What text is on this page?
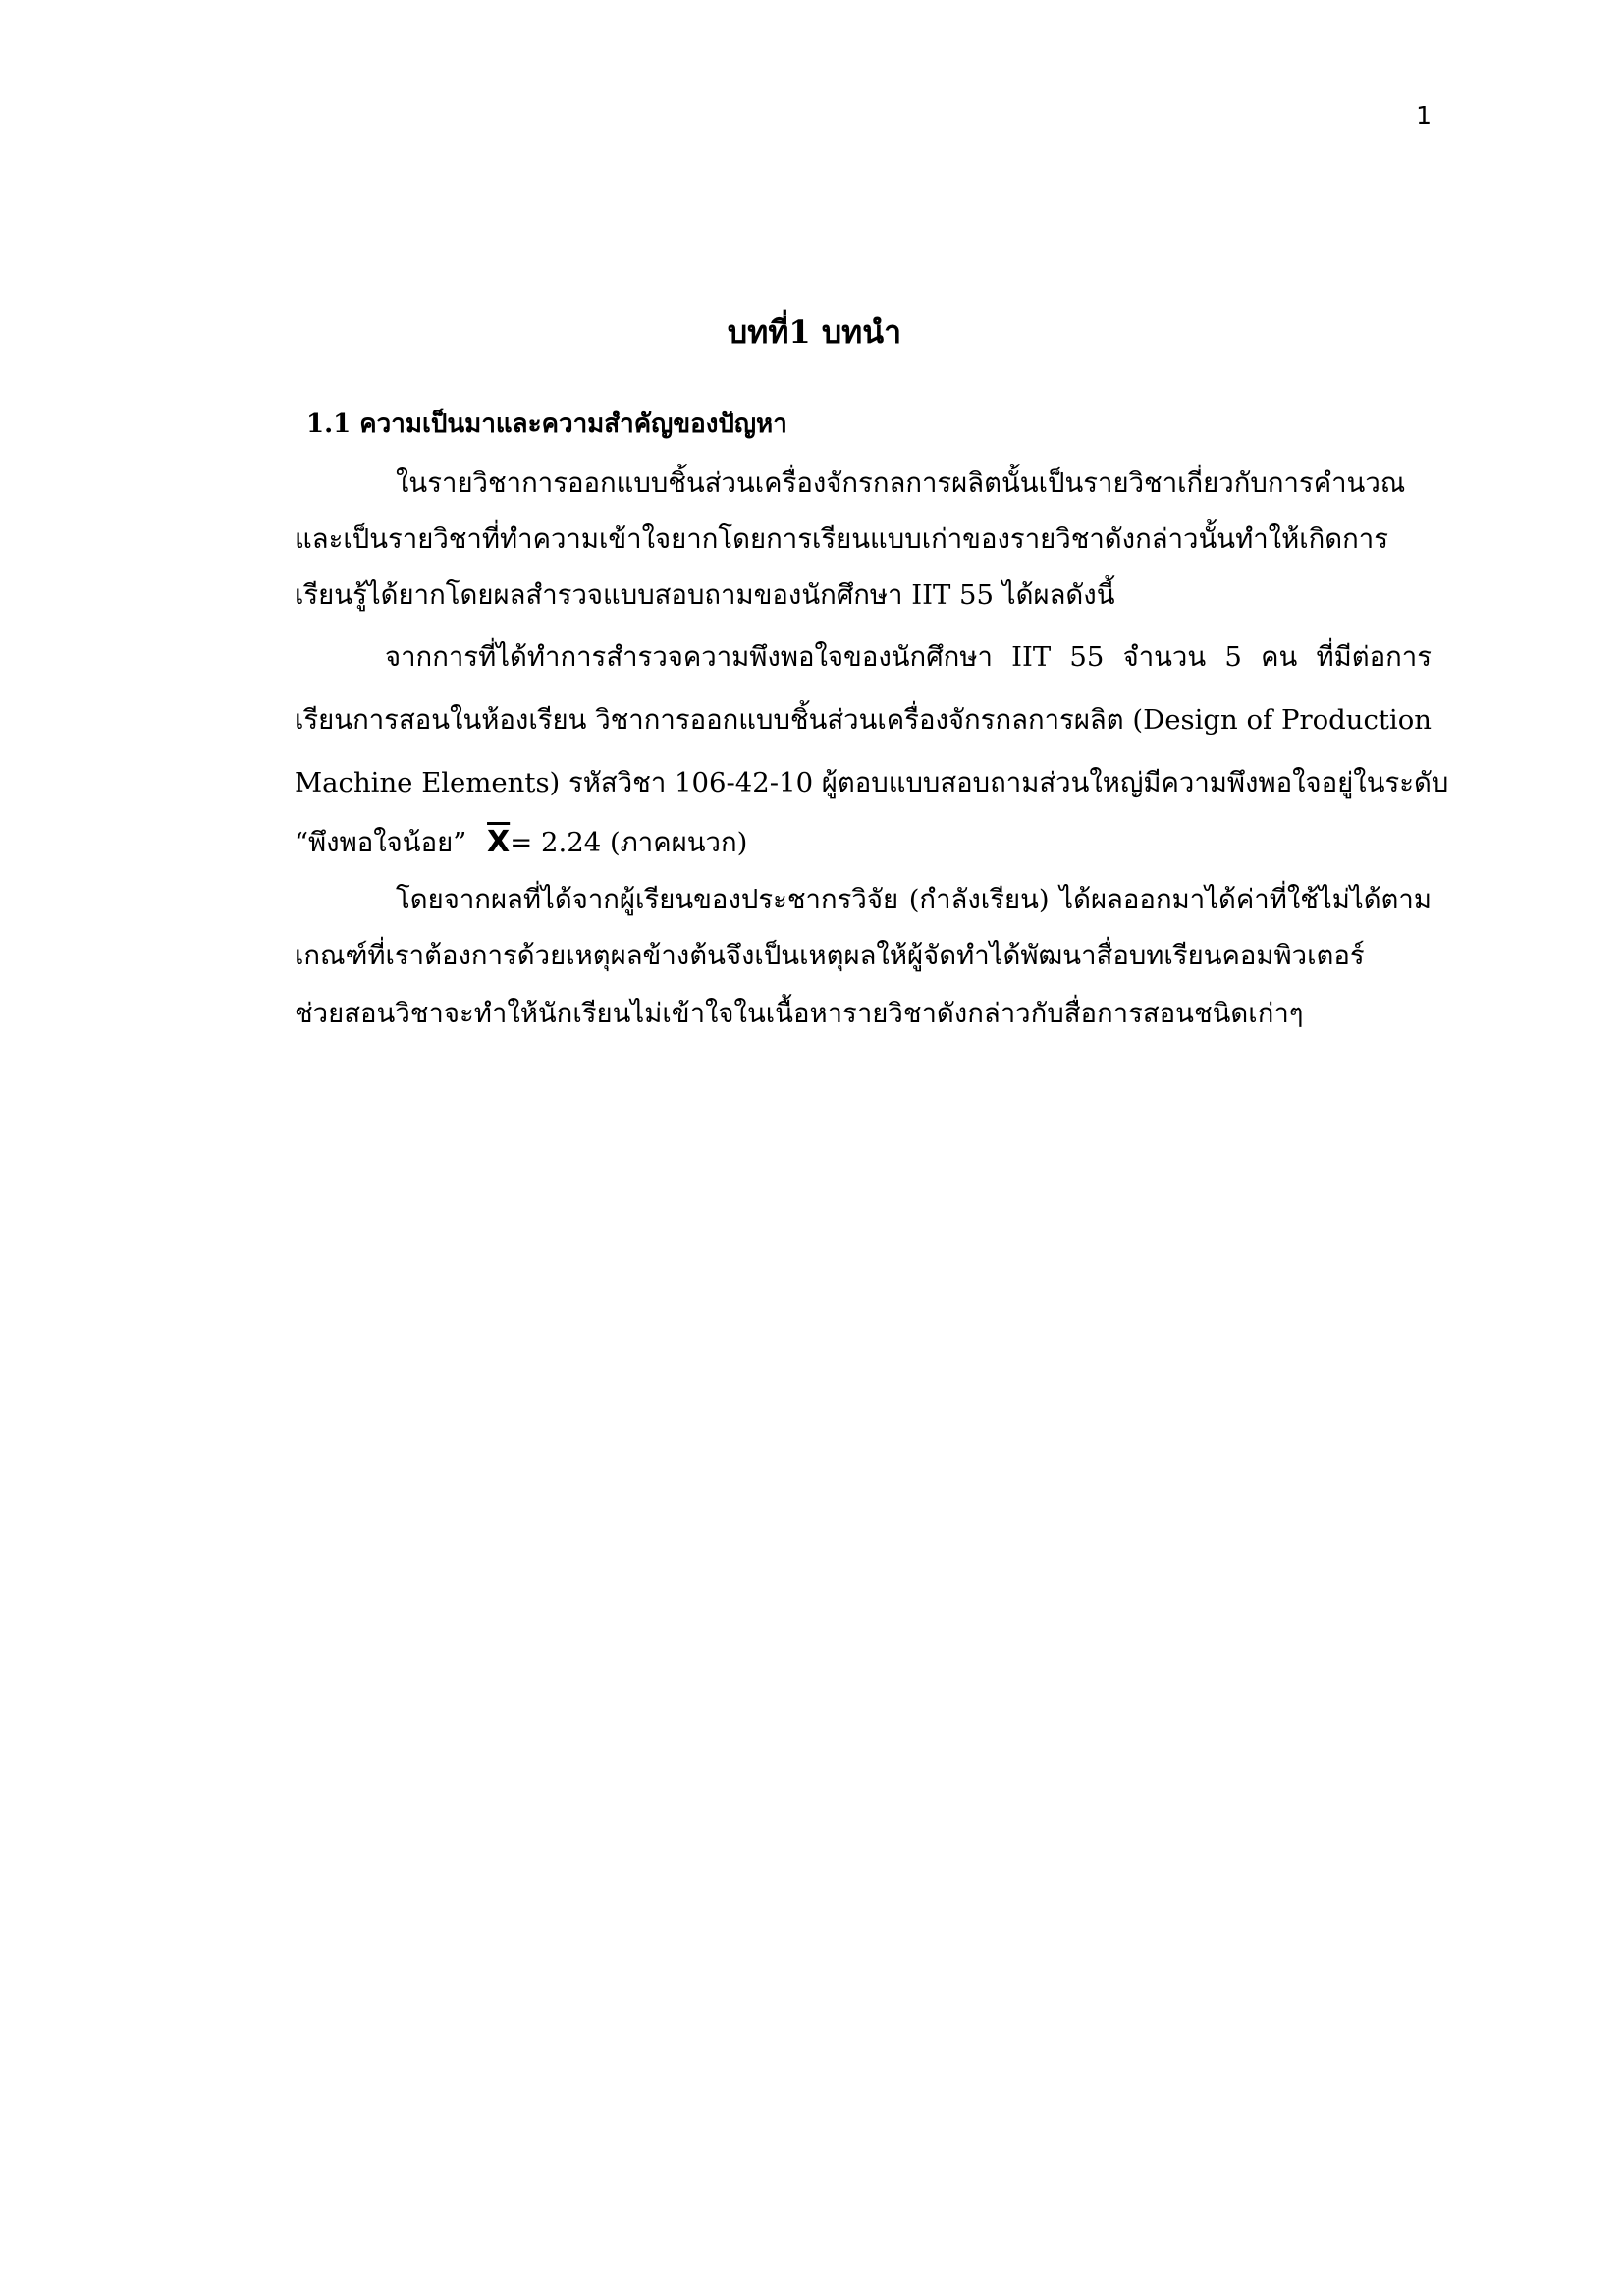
1
บทที่1 บทนำ
1.1 ความเป็นมาและความสำคัญของปัญหา
ในรายวิชาการออกแบบชิ้นส่วนเครื่องจักรกลการผลิตนั้นเป็นรายวิชาเกี่ยวกับการคำนวณ
และเป็นรายวิชาที่ทำความเข้าใจยากโดยการเรียนแบบเก่าของรายวิชาดังกล่าวนั้นทำให้เกิดการ
เรียนรู้ได้ยากโดยผลสำรวจแบบสอบถามของนักศึกษา IIT 55 ได้ผลดังนี้
จากการที่ได้ทำการสำรวจความพึงพอใจของนักศึกษา IIT 55 จำนวน 5 คน ที่มีต่อการ
เรียนการสอนในห้องเรียน วิชาการออกแบบชิ้นส่วนเครื่องจักรกลการผลิต (Design of Production
Machine Elements) รหัสวิชา 106-42-10 ผู้ตอบแบบสอบถามส่วนใหญ่มีความพึงพอใจอยู่ในระดับ
“พึงพอใจน้อย” $\overline{X}= 2.24$ (ภาคผนวก)
โดยจากผลที่ได้จากผู้เรียนของประชากรวิจัย (กำลังเรียน) ได้ผลออกมาได้ค่าที่ใช้ไม่ได้ตาม
เกณฑ์ที่เราต้องการด้วยเหตุผลข้างต้นจึงเป็นเหตุผลให้ผู้จัดทำได้พัฒนาสื่อบทเรียนคอมพิวเตอร์
ช่วยสอนวิชาจะทำให้นักเรียนไม่เข้าใจในเนื้อหารายวิชาดังกล่าวกับสื่อการสอนชนิดเก่าๆ
